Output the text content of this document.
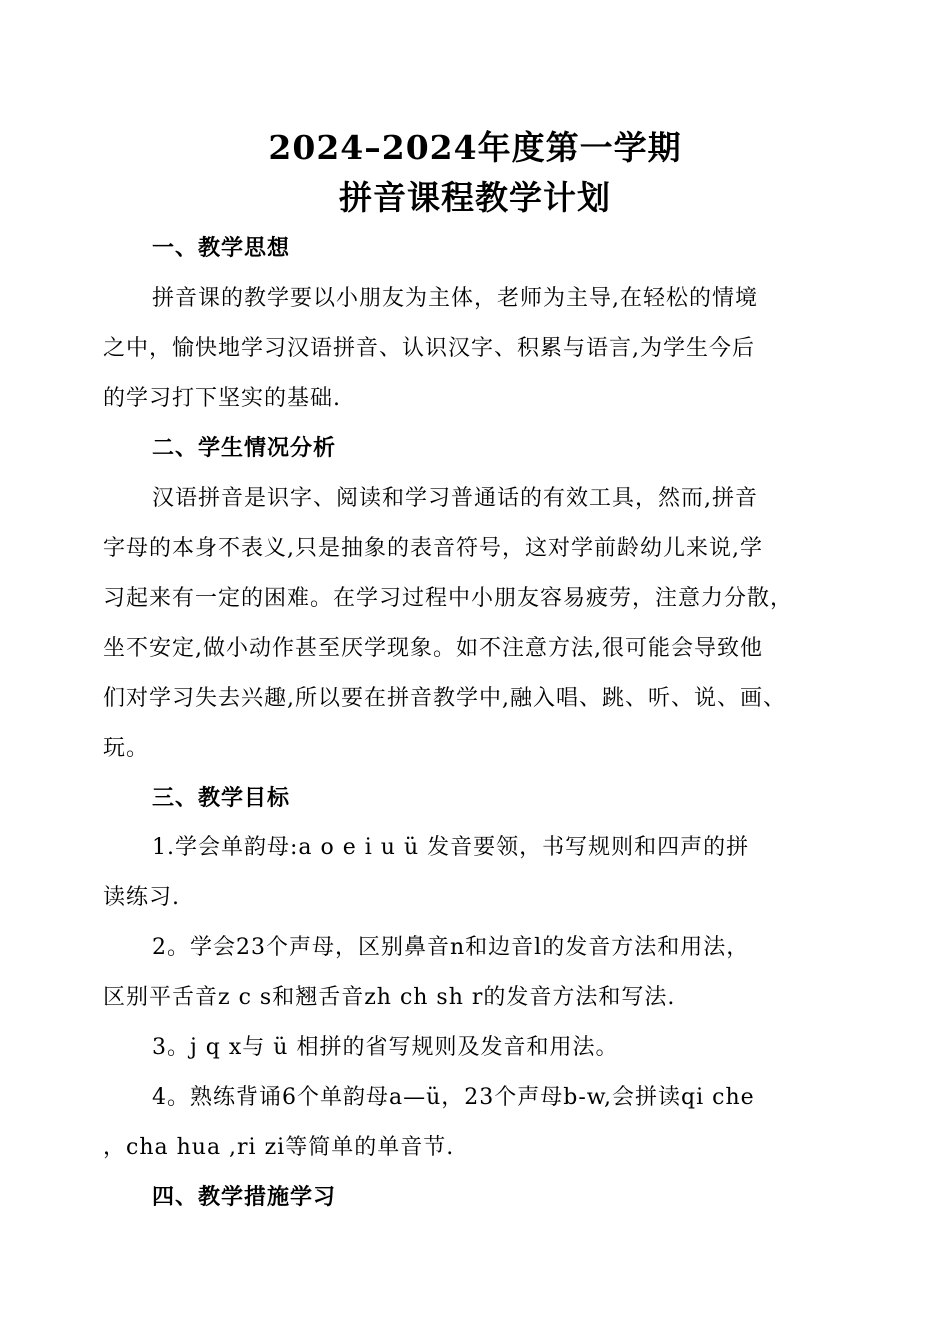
2024–2024年度第一学期
拼音课程教学计划
一、教学思想
拼音课的教学要以小朋友为主体，老师为主导,在轻松的情境
之中，愉快地学习汉语拼音、认识汉字、积累与语言,为学生今后
的学习打下坚实的基础.
二、学生情况分析
汉语拼音是识字、阅读和学习普通话的有效工具，然而,拼音
字母的本身不表义,只是抽象的表音符号，这对学前龄幼儿来说,学
习起来有一定的困难。在学习过程中小朋友容易疲劳，注意力分散，
坐不安定,做小动作甚至厌学现象。如不注意方法,很可能会导致他
们对学习失去兴趣,所以要在拼音教学中,融入唱、跳、听、说、画、
玩。
三、教学目标
1.学会单韵母:a o e i u ü 发音要领，书写规则和四声的拼
读练习.
2。学会23个声母，区别鼻音n和边音l的发音方法和用法，
区别平舌音z c s和翘舌音zh ch sh r的发音方法和写法.
3。j q x与 ü 相拼的省写规则及发音和用法。
4。熟练背诵6个单韵母a—ü，23个声母b-w,会拼读qi che
，cha hua ,ri zi等简单的单音节.
四、教学措施学习
